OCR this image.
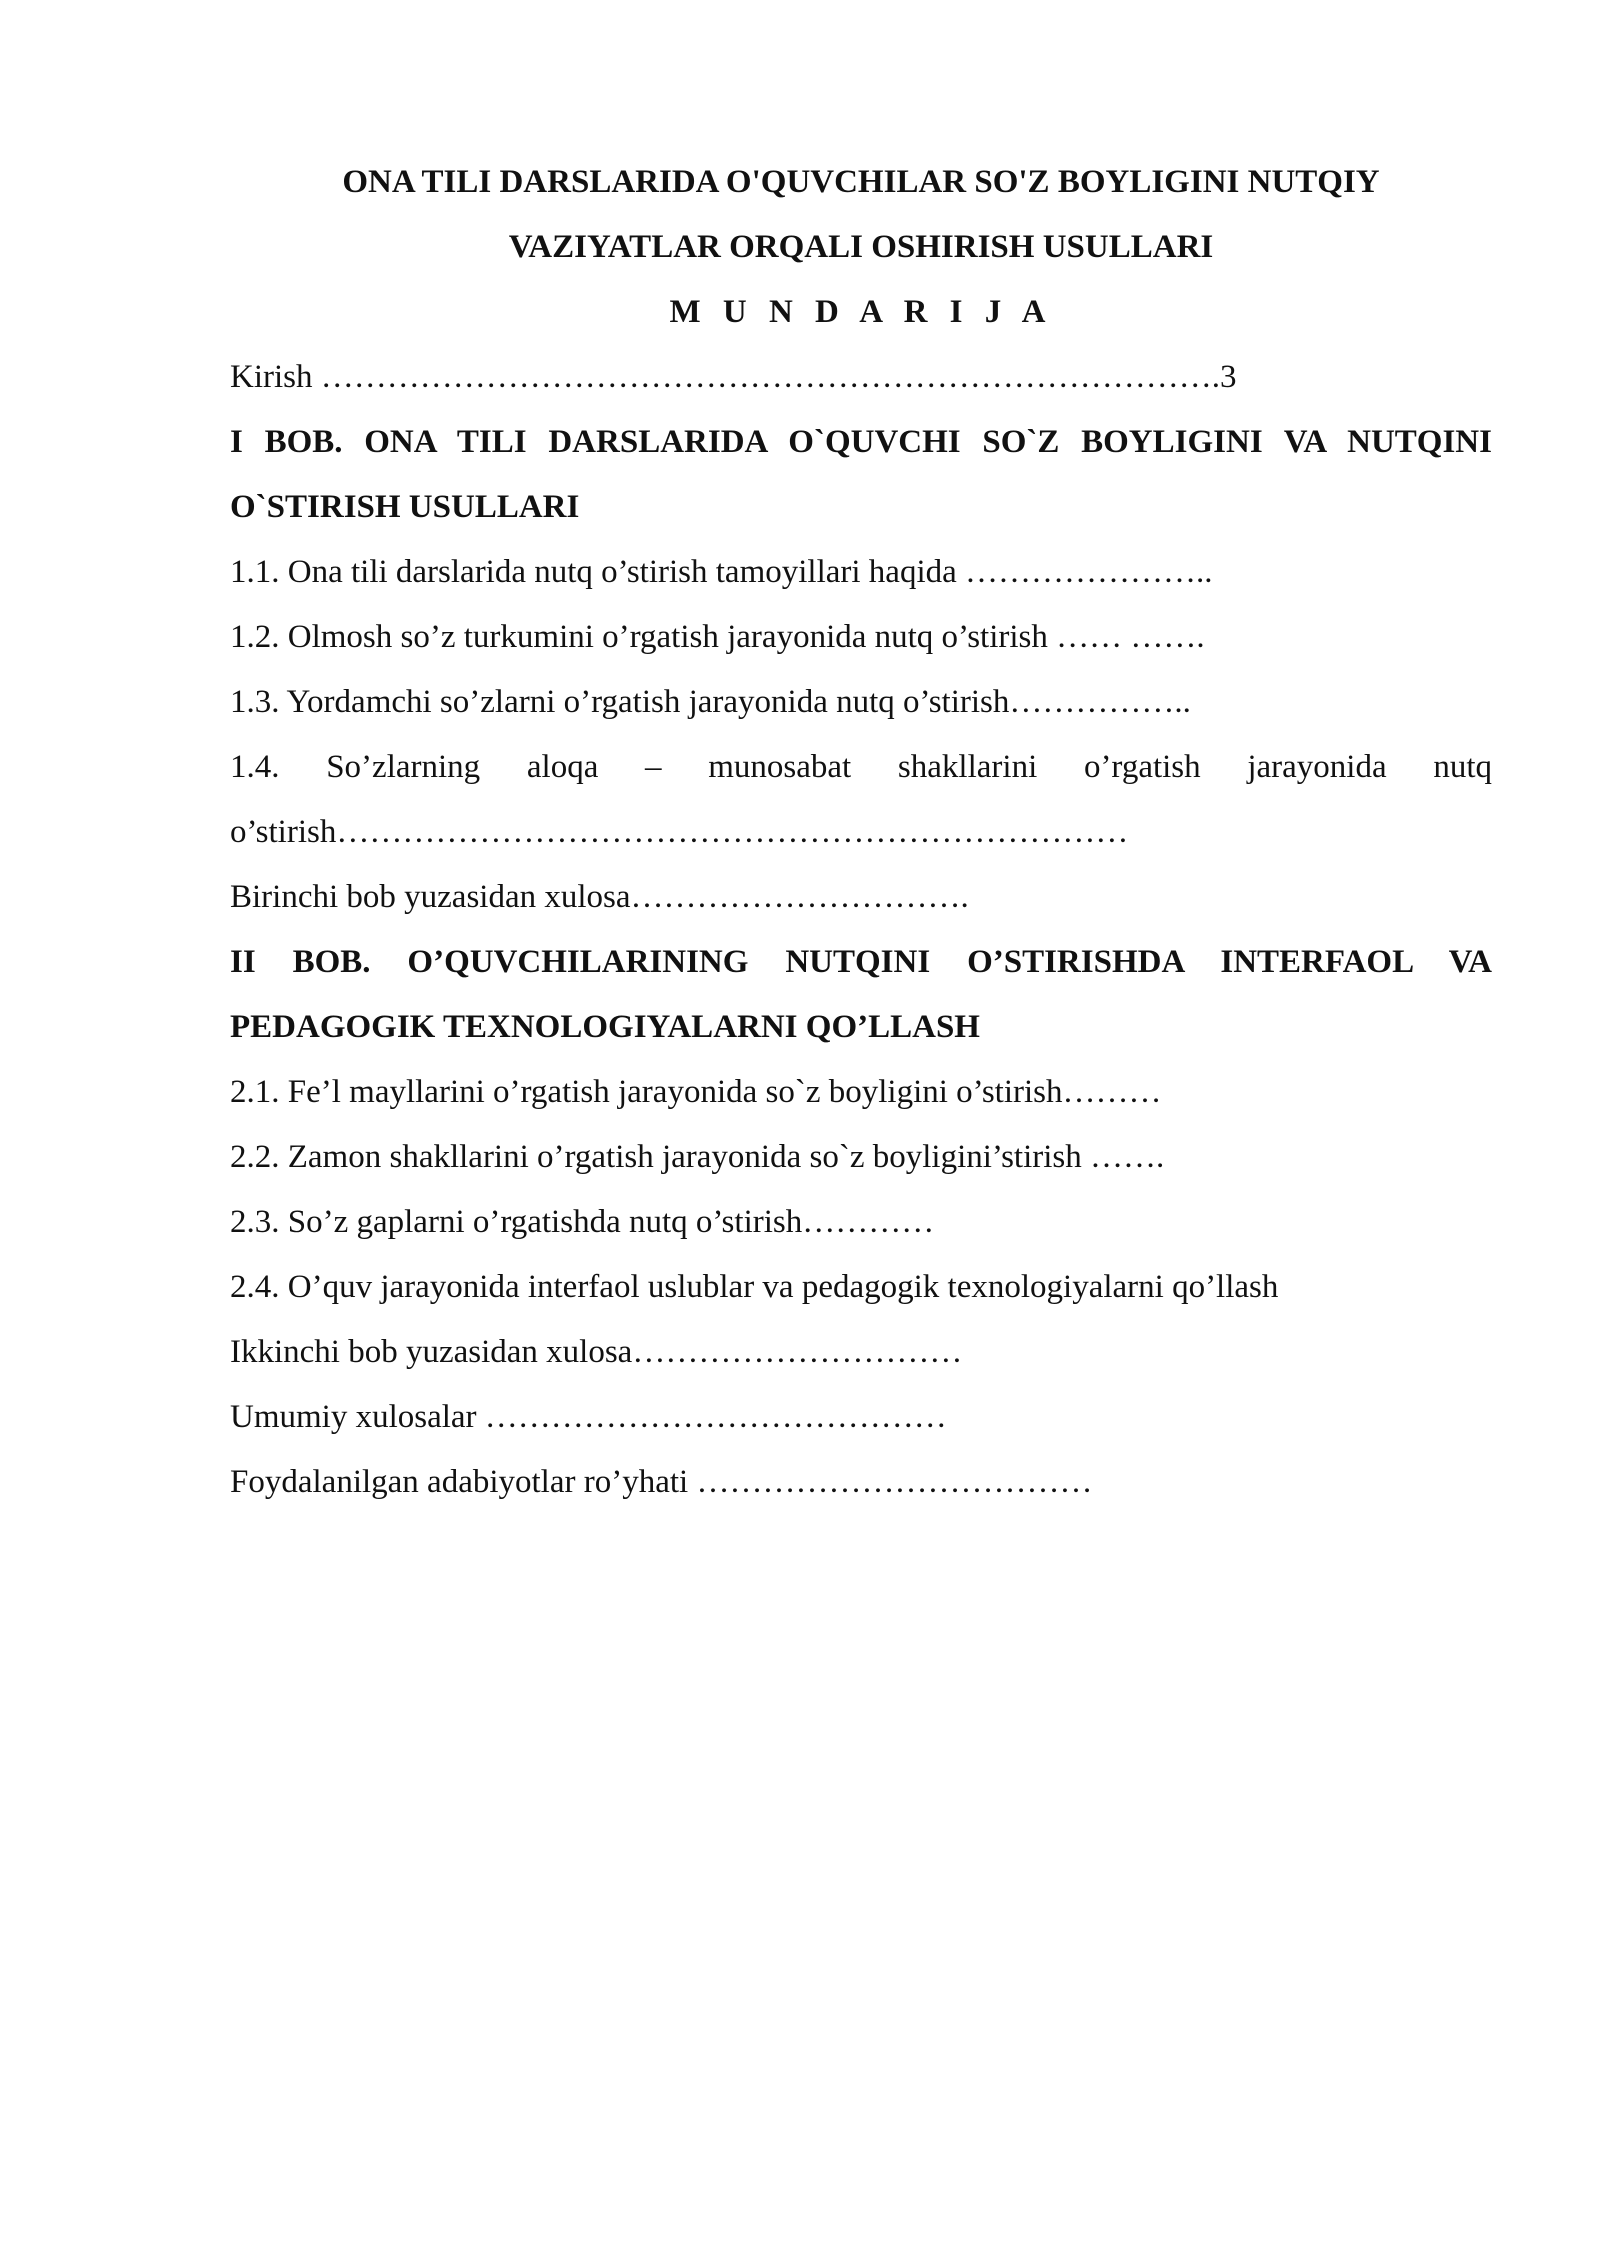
ONA TILI DARSLARIDA O'QUVCHILAR SO'Z BOYLIGINI NUTQIY

VAZIYATLAR ORQALI OSHIRISH USULLARI

M U N D A R I J A

Kirish ……………………………………………………………………….3

I BOB. ONA TILI DARSLARIDA O`QUVCHI SO`Z BOYLIGINI VA NUTQINI O`STIRISH USULLARI

1.1. Ona tili darslarida nutq o’stirish tamoyillari haqida …………………..

1.2. Olmosh so’z turkumini o’rgatish jarayonida nutq o’stirish …… …….

1.3. Yordamchi so’zlarni o’rgatish jarayonida nutq o’stirish……………..

1.4. So’zlarning aloqa – munosabat shakllarini o’rgatish jarayonida nutq o’stirish………………………………………………………………

Birinchi bob yuzasidan xulosa………………………….

II BOB. O’QUVCHILARINING NUTQINI O’STIRISHDA INTERFAOL VA PEDAGOGIK TEXNOLOGIYALARNI QO’LLASH

2.1. Fe’l mayllarini o’rgatish jarayonida so`z boyligini o’stirish………

2.2. Zamon shakllarini o’rgatish jarayonida so`z boyligini’stirish …….

2.3. So’z gaplarni o’rgatishda nutq o’stirish…………

2.4. O’quv jarayonida interfaol uslublar va pedagogik texnologiyalarni qo’llash

Ikkinchi bob yuzasidan xulosa…………………………

Umumiy xulosalar ……………………………………

Foydalanilgan adabiyotlar ro’yhati ………………………………
